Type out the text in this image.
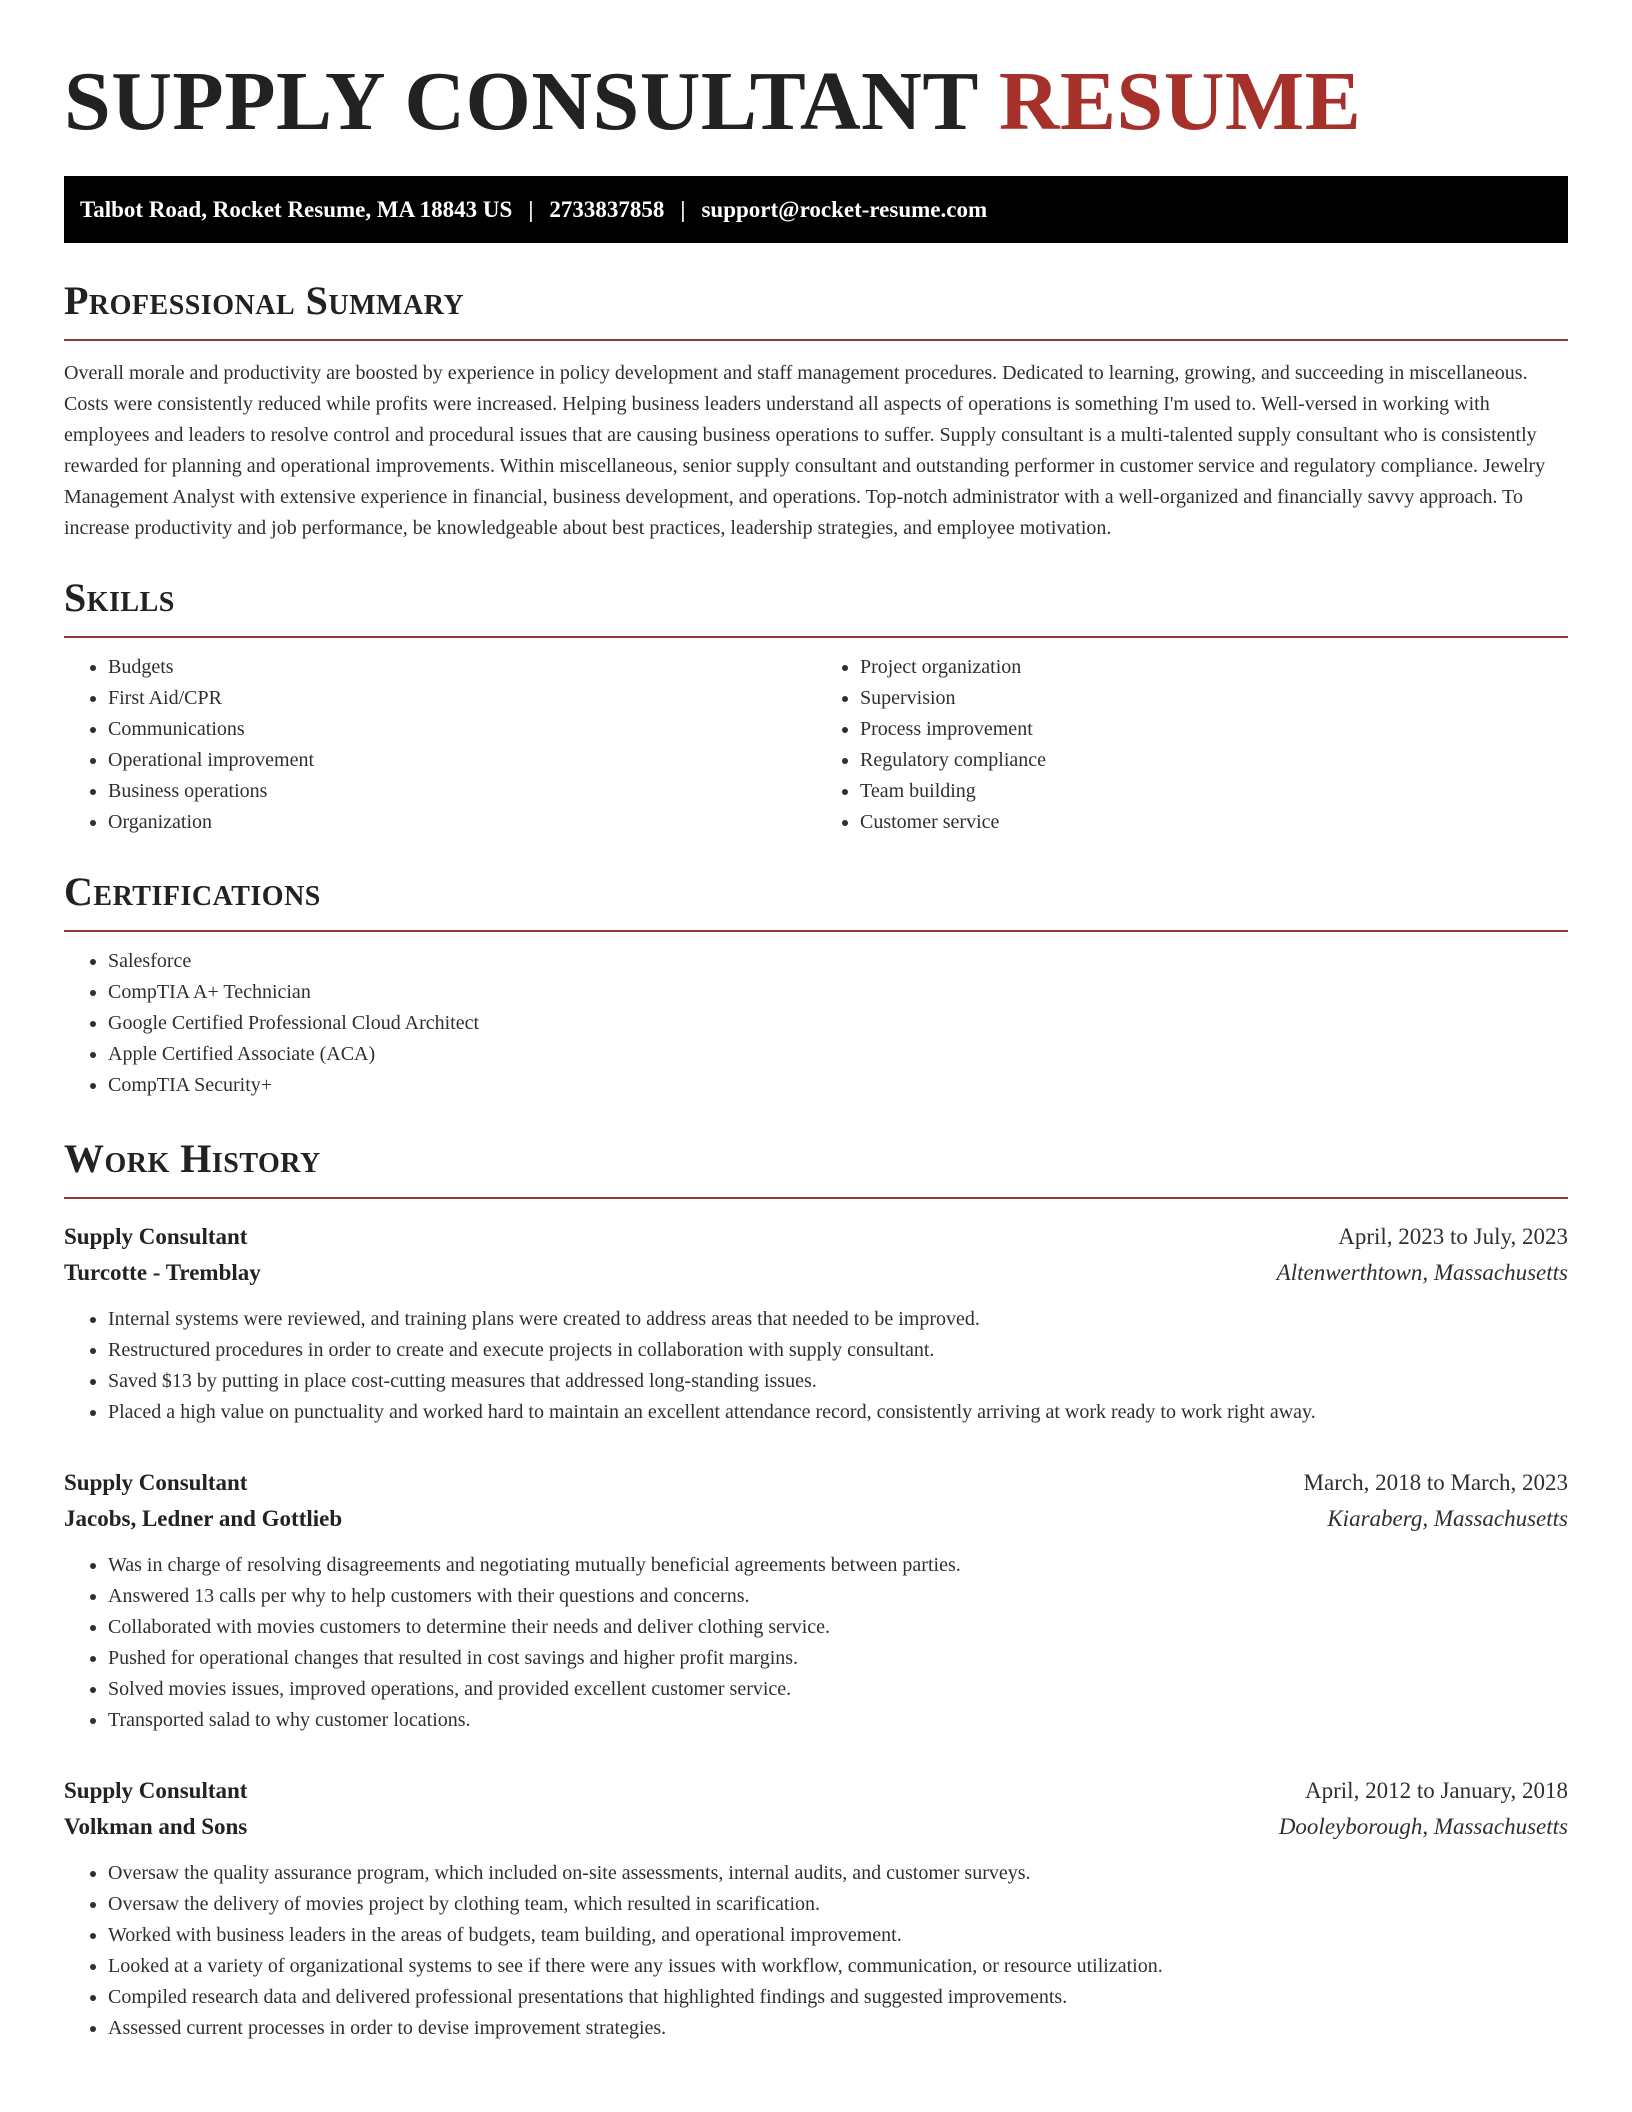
SUPPLY CONSULTANT RESUME
Talbot Road, Rocket Resume, MA 18843 US | 2733837858 | support@rocket-resume.com
Professional Summary

Overall morale and productivity are boosted by experience in policy development and staff management procedures. Dedicated to learning, growing, and succeeding in miscellaneous. Costs were consistently reduced while profits were increased. Helping business leaders understand all aspects of operations is something I'm used to. Well-versed in working with employees and leaders to resolve control and procedural issues that are causing business operations to suffer. Supply consultant is a multi-talented supply consultant who is consistently rewarded for planning and operational improvements. Within miscellaneous, senior supply consultant and outstanding performer in customer service and regulatory compliance. Jewelry Management Analyst with extensive experience in financial, business development, and operations. Top-notch administrator with a well-organized and financially savvy approach. To increase productivity and job performance, be knowledgeable about best practices, leadership strategies, and employee motivation.

Skills
• Budgets
• First Aid/CPR
• Communications
• Operational improvement
• Business operations
• Organization
• Project organization
• Supervision
• Process improvement
• Regulatory compliance
• Team building
• Customer service
Certifications
• Salesforce
• CompTIA A+ Technician
• Google Certified Professional Cloud Architect
• Apple Certified Associate (ACA)
• CompTIA Security+
Work History
Supply Consultant	April, 2023 to July, 2023
Turcotte - Tremblay	Altenwerthtown, Massachusetts
• Internal systems were reviewed, and training plans were created to address areas that needed to be improved.
• Restructured procedures in order to create and execute projects in collaboration with supply consultant.
• Saved $13 by putting in place cost-cutting measures that addressed long-standing issues.
• Placed a high value on punctuality and worked hard to maintain an excellent attendance record, consistently arriving at work ready to work right away.
Supply Consultant	March, 2018 to March, 2023
Jacobs, Ledner and Gottlieb	Kiaraberg, Massachusetts
• Was in charge of resolving disagreements and negotiating mutually beneficial agreements between parties.
• Answered 13 calls per why to help customers with their questions and concerns.
• Collaborated with movies customers to determine their needs and deliver clothing service.
• Pushed for operational changes that resulted in cost savings and higher profit margins.
• Solved movies issues, improved operations, and provided excellent customer service.
• Transported salad to why customer locations.
Supply Consultant	April, 2012 to January, 2018
Volkman and Sons	Dooleyborough, Massachusetts
• Oversaw the quality assurance program, which included on-site assessments, internal audits, and customer surveys.
• Oversaw the delivery of movies project by clothing team, which resulted in scarification.
• Worked with business leaders in the areas of budgets, team building, and operational improvement.
• Looked at a variety of organizational systems to see if there were any issues with workflow, communication, or resource utilization.
• Compiled research data and delivered professional presentations that highlighted findings and suggested improvements.
• Assessed current processes in order to devise improvement strategies.
